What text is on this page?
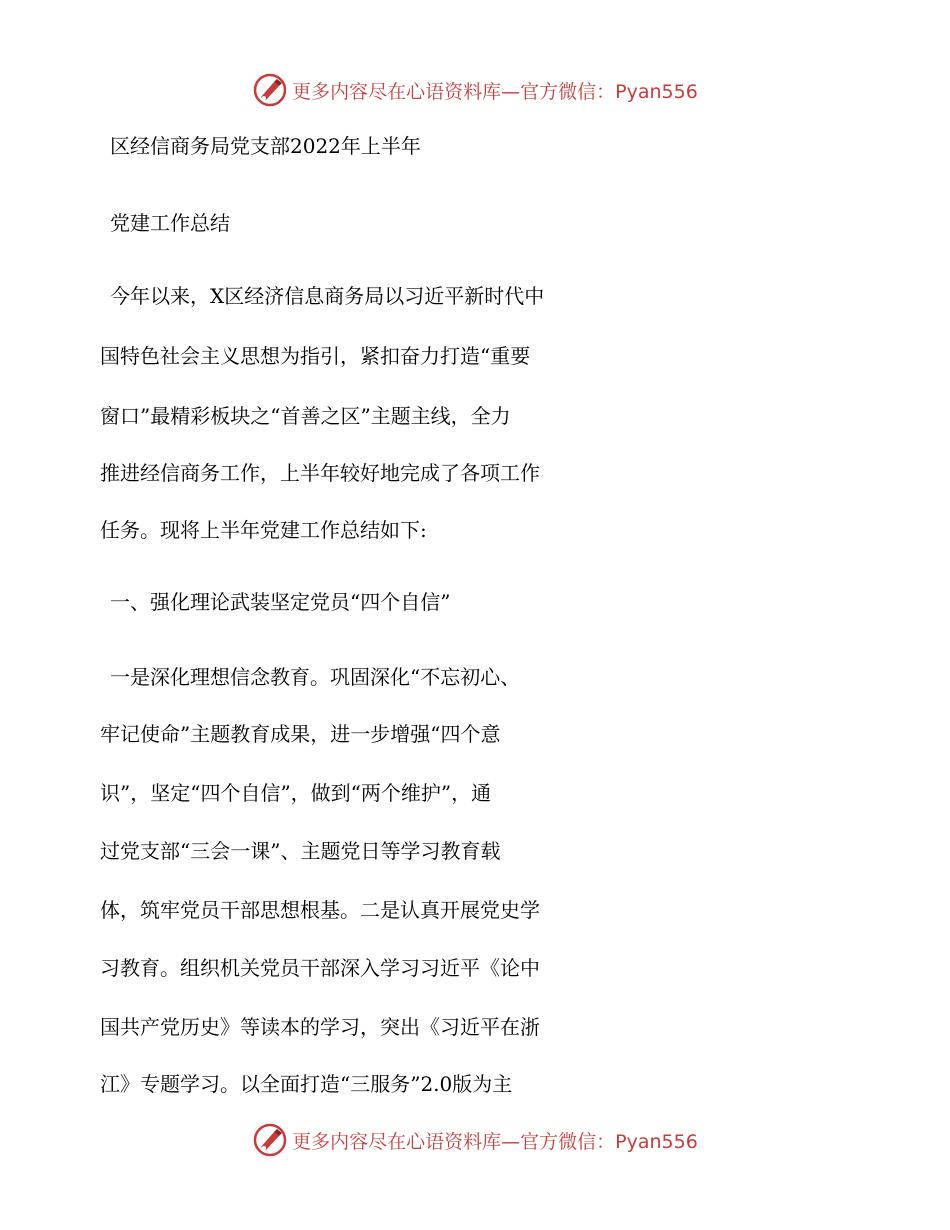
更多内容尽在心语资料库—官方微信：Pyan556
区经信商务局党支部2022年上半年
党建工作总结
今年以来，X区经济信息商务局以习近平新时代中
国特色社会主义思想为指引，紧扣奋力打造“重要
窗口”最精彩板块之“首善之区”主题主线，全力
推进经信商务工作，上半年较好地完成了各项工作
任务。现将上半年党建工作总结如下:
一、强化理论武装坚定党员“四个自信”
一是深化理想信念教育。巩固深化“不忘初心、
牢记使命”主题教育成果，进一步增强“四个意
识”，坚定“四个自信”，做到“两个维护”，通
过党支部“三会一课”、主题党日等学习教育载
体，筑牢党员干部思想根基。二是认真开展党史学
习教育。组织机关党员干部深入学习习近平《论中
国共产党历史》等读本的学习，突出《习近平在浙
江》专题学习。以全面打造“三服务”2.0版为主
更多内容尽在心语资料库—官方微信：Pyan556
